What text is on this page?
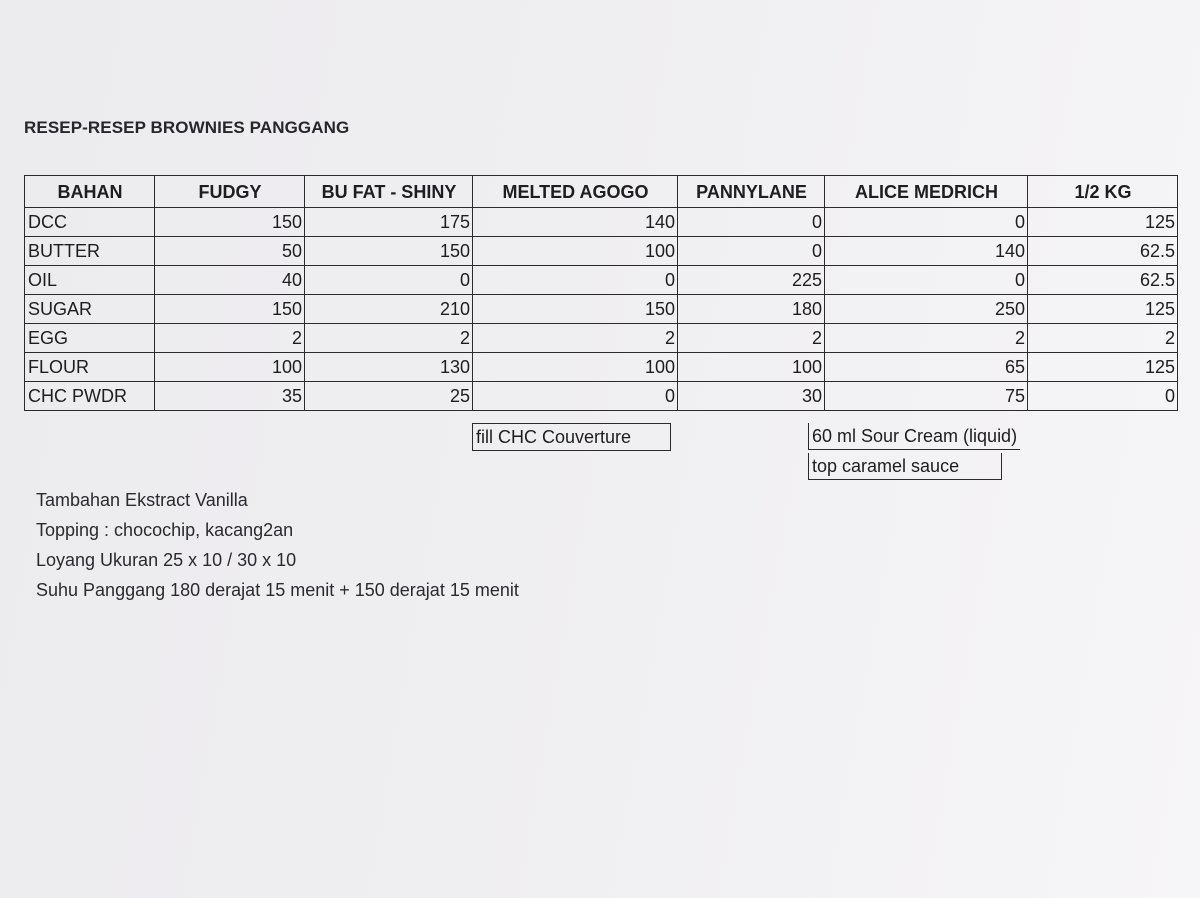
RESEP-RESEP BROWNIES PANGGANG
BAHAN	FUDGY	BU FAT - SHINY	MELTED AGOGO	PANNYLANE	ALICE MEDRICH	1/2 KG
DCC	150	175	140	0	0	125
BUTTER	50	150	100	0	140	62.5
OIL	40	0	0	225	0	62.5
SUGAR	150	210	150	180	250	125
EGG	2	2	2	2	2	2
FLOUR	100	130	100	100	65	125
CHC PWDR	35	25	0	30	75	0
fill CHC Couverture	60 ml Sour Cream (liquid)
top caramel sauce
Tambahan Ekstract Vanilla
Topping : chocochip, kacang2an
Loyang Ukuran 25 x 10 / 30 x 10
Suhu Panggang 180 derajat 15 menit + 150 derajat 15 menit
